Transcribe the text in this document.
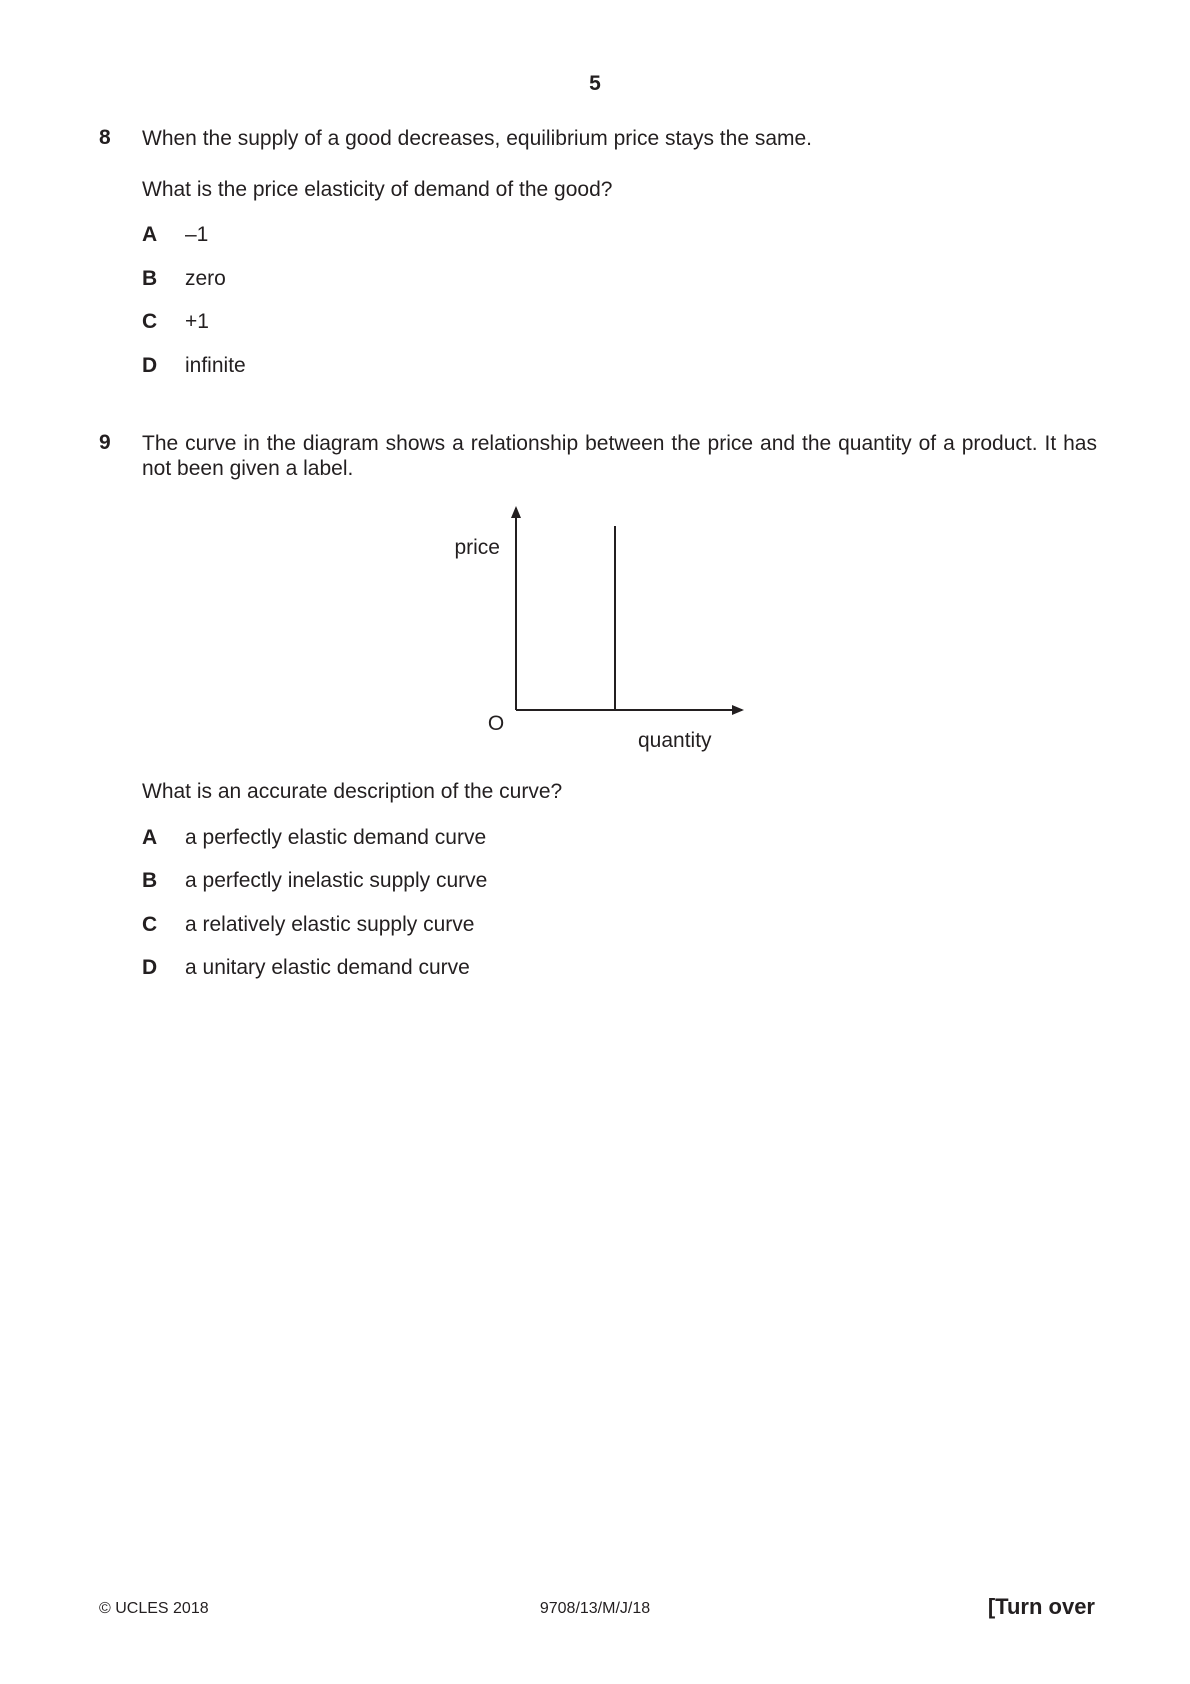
5
8 When the supply of a good decreases, equilibrium price stays the same.
What is the price elasticity of demand of the good?
A –1
B zero
C +1
D infinite
9 The curve in the diagram shows a relationship between the price and the quantity of a product. It has not been given a label.
price
O
quantity
What is an accurate description of the curve?
A a perfectly elastic demand curve
B a perfectly inelastic supply curve
C a relatively elastic supply curve
D a unitary elastic demand curve
© UCLES 2018	9708/13/M/J/18	[Turn over
